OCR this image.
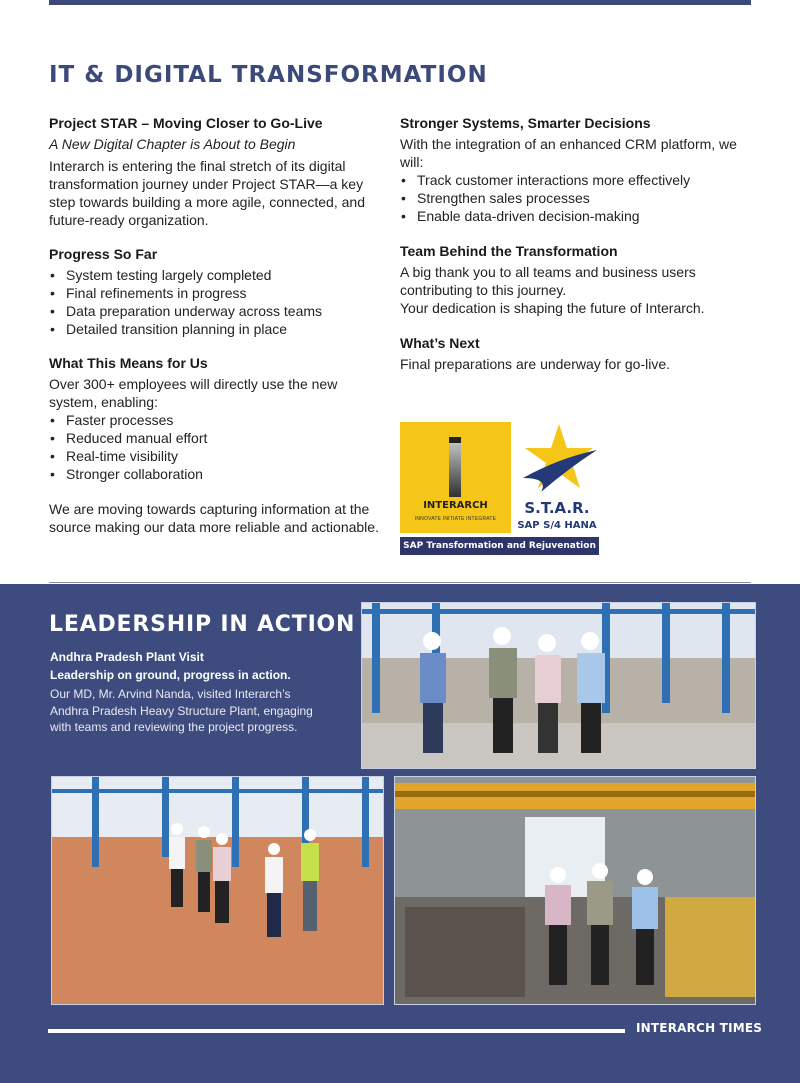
IT & DIGITAL TRANSFORMATION
Project STAR – Moving Closer to Go-Live

A New Digital Chapter is About to Begin

Interarch is entering the final stretch of its digital transformation journey under Project STAR—a key step towards building a more agile, connected, and future-ready organization.

Progress So Far
• System testing largely completed
• Final refinements in progress
• Data preparation underway across teams
• Detailed transition planning in place
What This Means for Us

Over 300+ employees will directly use the new system, enabling:

• Faster processes
• Reduced manual effort
• Real-time visibility
• Stronger collaboration

We are moving towards capturing information at the source making our data more reliable and actionable.

Stronger Systems, Smarter Decisions

With the integration of an enhanced CRM platform, we will:

• Track customer interactions more effectively
• Strengthen sales processes
• Enable data-driven decision-making
Team Behind the Transformation

A big thank you to all teams and business users contributing to this journey.

Your dedication is shaping the future of Interarch.

What’s Next

Final preparations are underway for go-live.

INTERARCH
INNOVATE INITIATE INTEGRATE
S.T.A.R.
SAP S/4 HANA
SAP Transformation and Rejuvenation
LEADERSHIP IN ACTION
Andhra Pradesh Plant Visit
Leadership on ground, progress in action.

Our MD, Mr. Arvind Nanda, visited Interarch’s Andhra Pradesh Heavy Structure Plant, engaging with teams and reviewing the project progress.

INTERARCH TIMES
